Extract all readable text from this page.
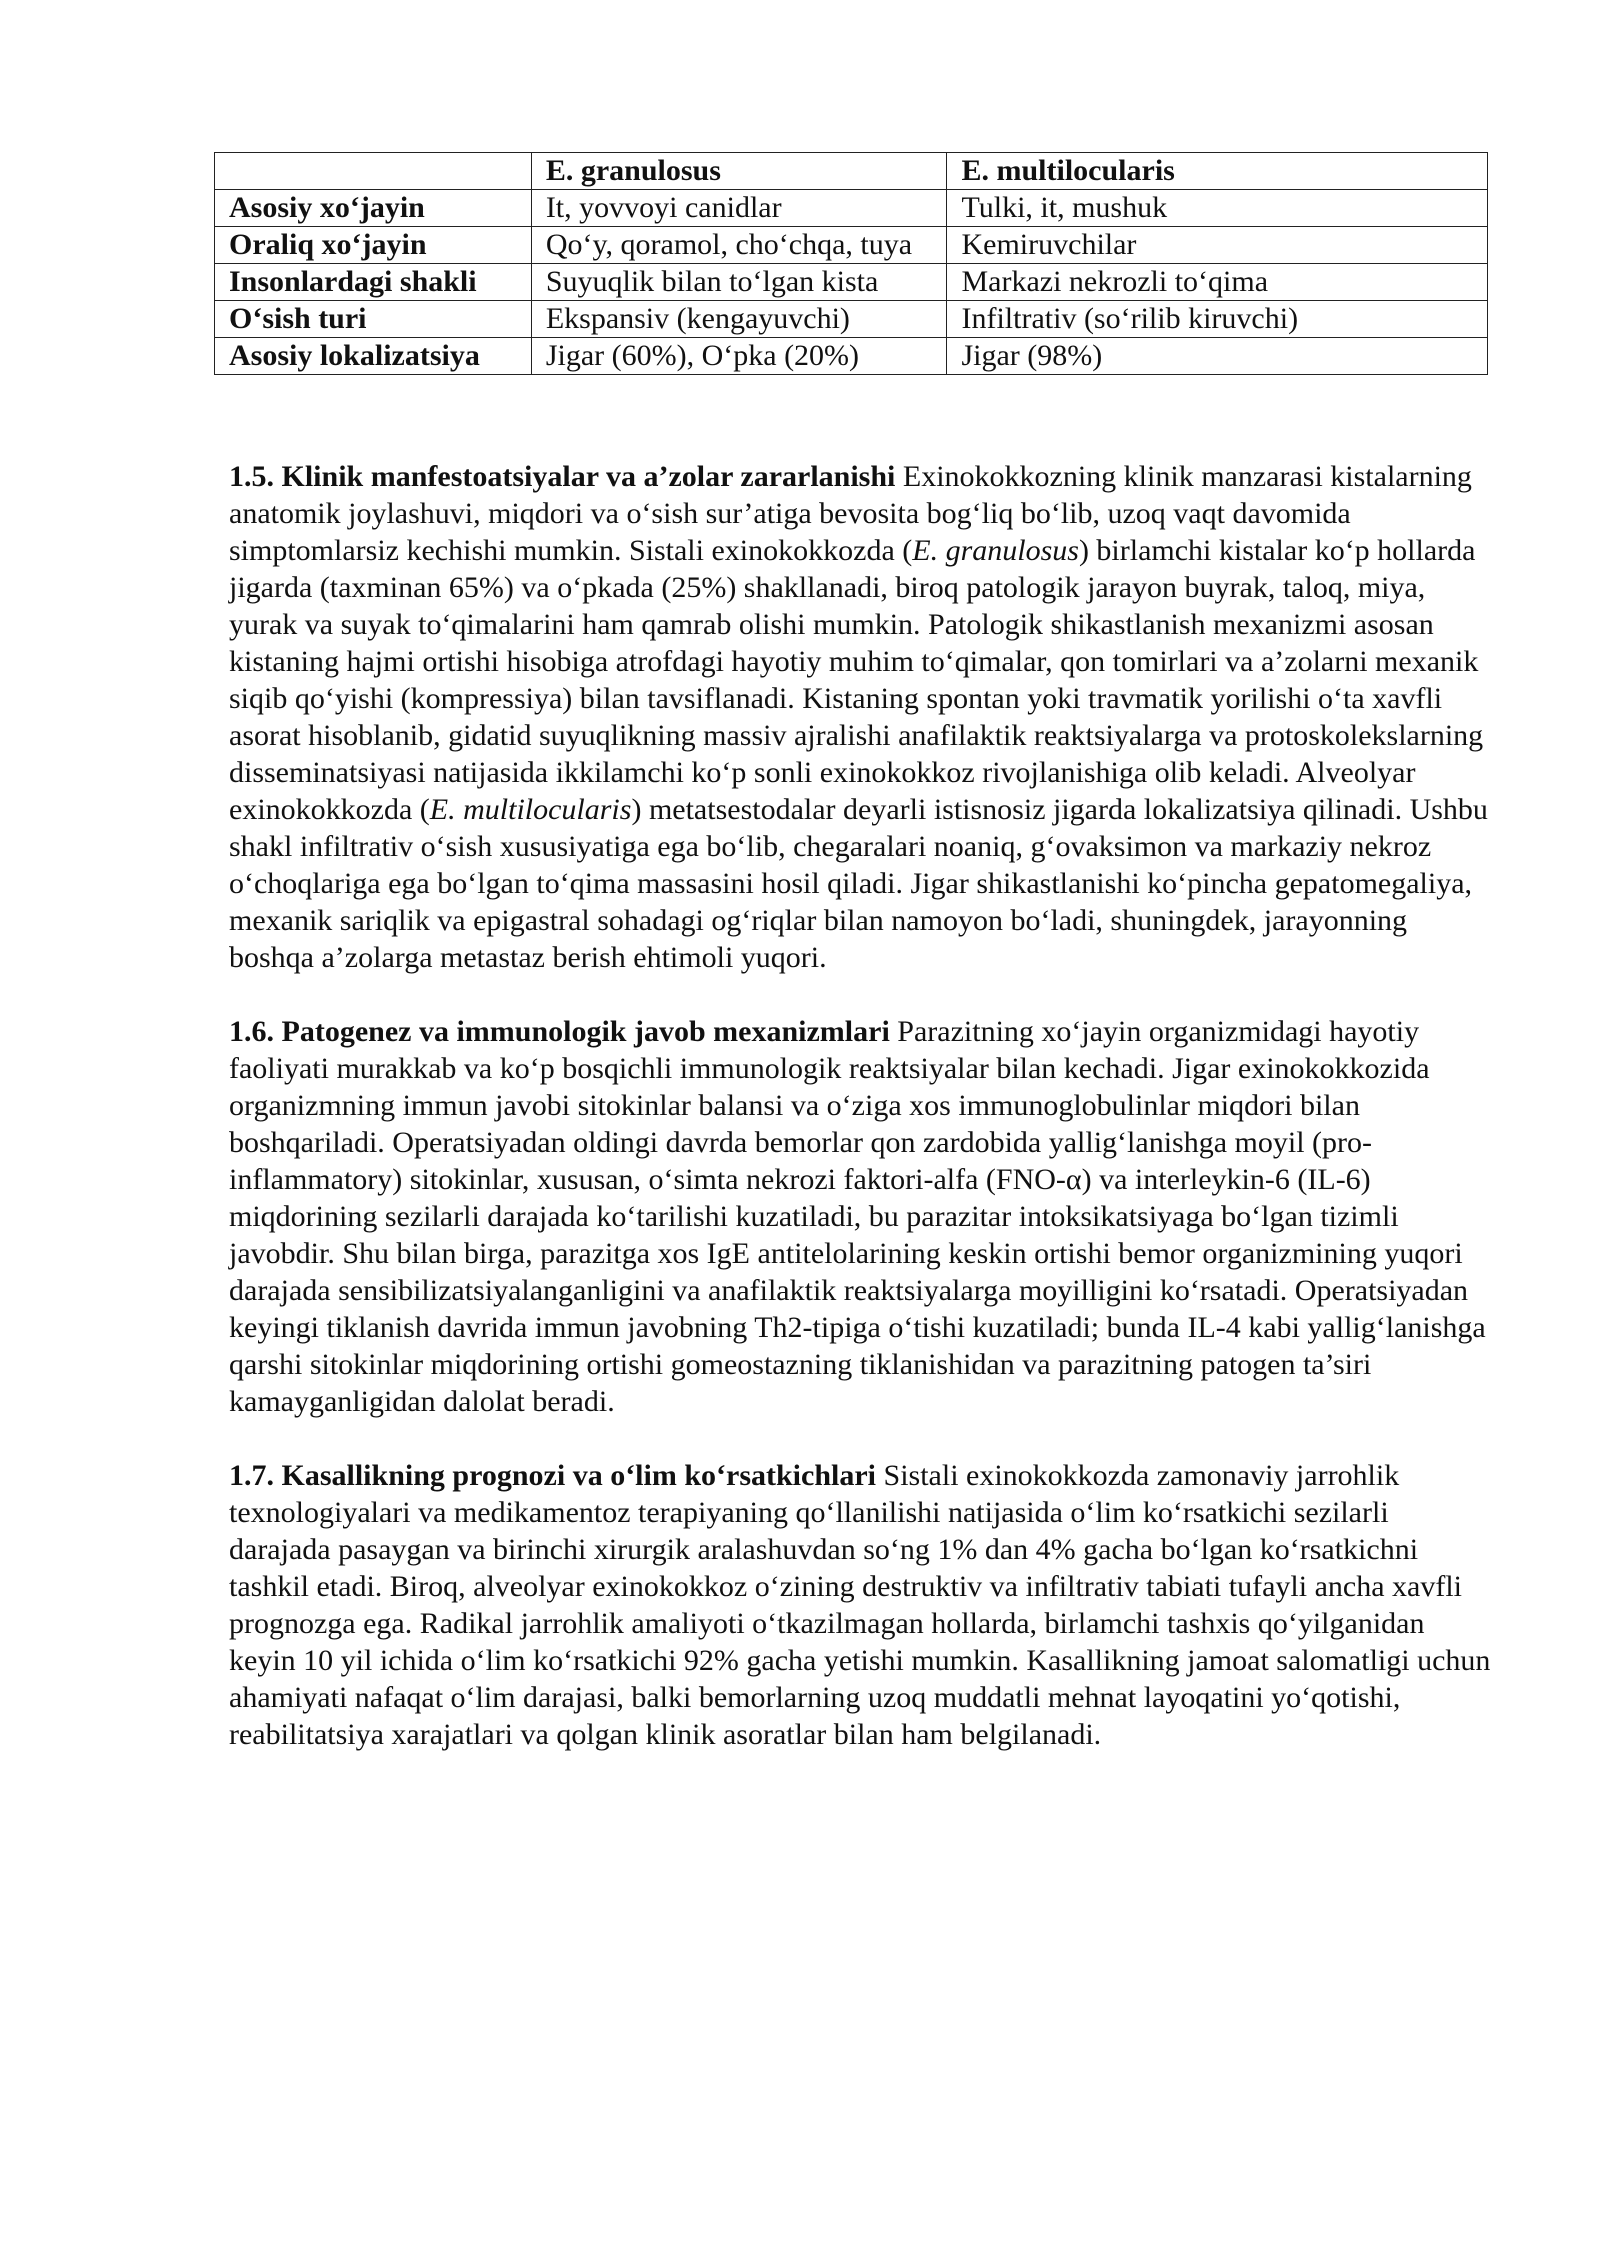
	E. granulosus	E. multilocularis
Asosiy xoʻjayin	It, yovvoyi canidlar	Tulki, it, mushuk
Oraliq xoʻjayin	Qoʻy, qoramol, choʻchqa, tuya	Kemiruvchilar
Insonlardagi shakli	Suyuqlik bilan toʻlgan kista	Markazi nekrozli toʻqima
Oʻsish turi	Ekspansiv (kengayuvchi)	Infiltrativ (soʻrilib kiruvchi)
Asosiy lokalizatsiya	Jigar (60%), Oʻpka (20%)	Jigar (98%)

1.5. Klinik manfestoatsiyalar va a’zolar zararlanishi Exinokokkozning klinik manzarasi kistalarning anatomik joylashuvi, miqdori va oʻsish sur’atiga bevosita bogʻliq boʻlib, uzoq vaqt davomida simptomlarsiz kechishi mumkin. Sistali exinokokkozda (E. granulosus) birlamchi kistalar koʻp hollarda jigarda (taxminan 65%) va oʻpkada (25%) shakllanadi, biroq patologik jarayon buyrak, taloq, miya, yurak va suyak toʻqimalarini ham qamrab olishi mumkin. Patologik shikastlanish mexanizmi asosan kistaning hajmi ortishi hisobiga atrofdagi hayotiy muhim toʻqimalar, qon tomirlari va a’zolarni mexanik siqib qoʻyishi (kompressiya) bilan tavsiflanadi. Kistaning spontan yoki travmatik yorilishi oʻta xavfli asorat hisoblanib, gidatid suyuqlikning massiv ajralishi anafilaktik reaktsiyalarga va protoskolekslarning disseminatsiyasi natijasida ikkilamchi koʻp sonli exinokokkoz rivojlanishiga olib keladi. Alveolyar exinokokkozda (E. multilocularis) metatsestodalar deyarli istisnosiz jigarda lokalizatsiya qilinadi. Ushbu shakl infiltrativ oʻsish xususiyatiga ega boʻlib, chegaralari noaniq, gʻovaksimon va markaziy nekroz oʻchoqlariga ega boʻlgan toʻqima massasini hosil qiladi. Jigar shikastlanishi koʻpincha gepatomegaliya, mexanik sariqlik va epigastral sohadagi ogʻriqlar bilan namoyon boʻladi, shuningdek, jarayonning boshqa a’zolarga metastaz berish ehtimoli yuqori.

1.6. Patogenez va immunologik javob mexanizmlari Parazitning xoʻjayin organizmidagi hayotiy faoliyati murakkab va koʻp bosqichli immunologik reaktsiyalar bilan kechadi. Jigar exinokokkozida organizmning immun javobi sitokinlar balansi va oʻziga xos immunoglobulinlar miqdori bilan boshqariladi. Operatsiyadan oldingi davrda bemorlar qon zardobida yalligʻlanishga moyil (pro-inflammatory) sitokinlar, xususan, oʻsimta nekrozi faktori-alfa (FNO-α) va interleykin-6 (IL-6) miqdorining sezilarli darajada koʻtarilishi kuzatiladi, bu parazitar intoksikatsiyaga boʻlgan tizimli javobdir. Shu bilan birga, parazitga xos IgE antitelolarining keskin ortishi bemor organizmining yuqori darajada sensibilizatsiyalanganligini va anafilaktik reaktsiyalarga moyilligini koʻrsatadi. Operatsiyadan keyingi tiklanish davrida immun javobning Th2-tipiga oʻtishi kuzatiladi; bunda IL-4 kabi yalligʻlanishga qarshi sitokinlar miqdorining ortishi gomeostazning tiklanishidan va parazitning patogen ta’siri kamayganligidan dalolat beradi.

1.7. Kasallikning prognozi va oʻlim koʻrsatkichlari Sistali exinokokkozda zamonaviy jarrohlik texnologiyalari va medikamentoz terapiyaning qoʻllanilishi natijasida oʻlim koʻrsatkichi sezilarli darajada pasaygan va birinchi xirurgik aralashuvdan soʻng 1% dan 4% gacha boʻlgan koʻrsatkichni tashkil etadi. Biroq, alveolyar exinokokkoz oʻzining destruktiv va infiltrativ tabiati tufayli ancha xavfli prognozga ega. Radikal jarrohlik amaliyoti oʻtkazilmagan hollarda, birlamchi tashxis qoʻyilganidan keyin 10 yil ichida oʻlim koʻrsatkichi 92% gacha yetishi mumkin. Kasallikning jamoat salomatligi uchun ahamiyati nafaqat oʻlim darajasi, balki bemorlarning uzoq muddatli mehnat layoqatini yoʻqotishi, reabilitatsiya xarajatlari va qolgan klinik asoratlar bilan ham belgilanadi.
